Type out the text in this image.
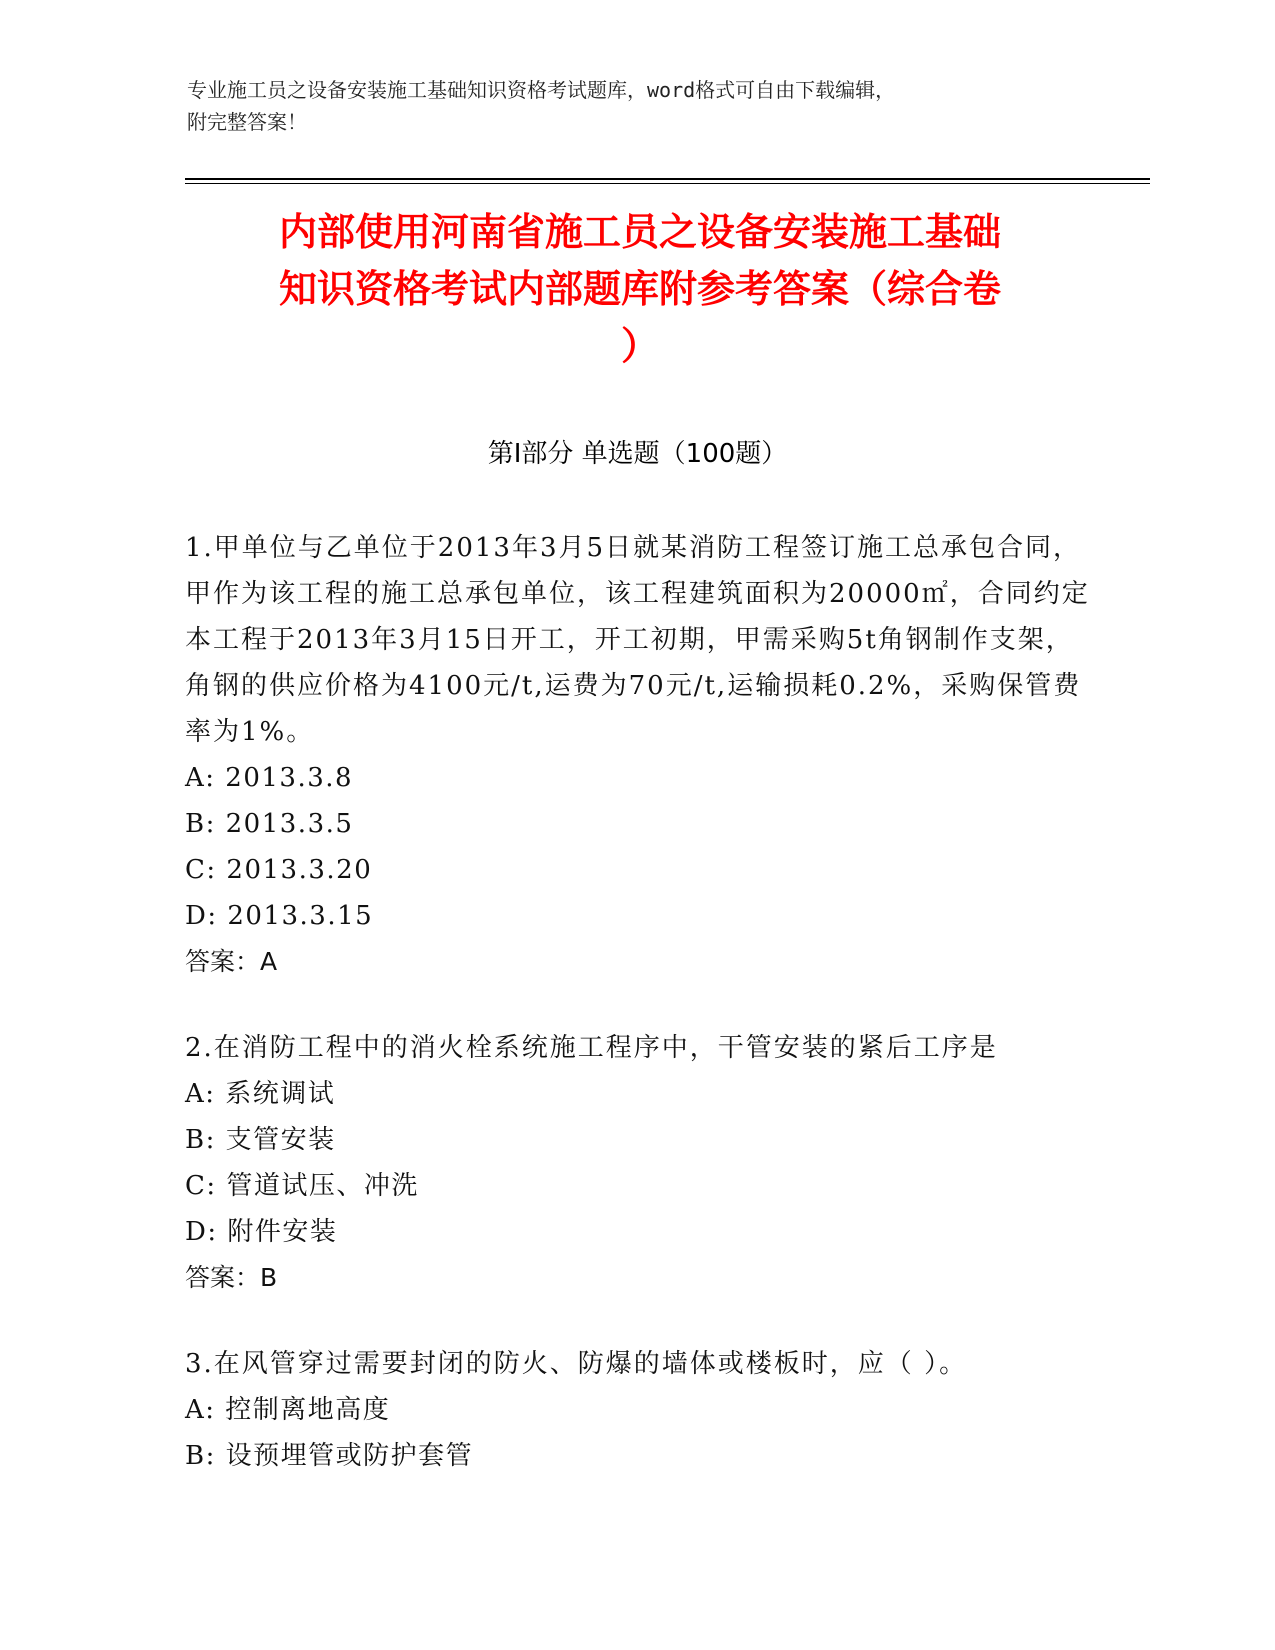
专业施工员之设备安装施工基础知识资格考试题库，word格式可自由下载编辑，

附完整答案！

内部使用河南省施工员之设备安装施工基础

知识资格考试内部题库附参考答案（综合卷

）

第Ⅰ部分 单选题（100题）

1.甲单位与乙单位于2013年3月5日就某消防工程签订施工总承包合同，甲作为该工程的施工总承包单位，该工程建筑面积为20000㎡，合同约定本工程于2013年3月15日开工，开工初期，甲需采购5t角钢制作支架，角钢的供应价格为4100元/t,运费为70元/t,运输损耗0.2%，采购保管费率为1%。

A: 2013.3.8

B: 2013.3.5

C: 2013.3.20

D: 2013.3.15

答案：A

2.在消防工程中的消火栓系统施工程序中，干管安装的紧后工序是

A: 系统调试

B: 支管安装

C: 管道试压、冲洗

D: 附件安装

答案：B

3.在风管穿过需要封闭的防火、防爆的墙体或楼板时，应（ ）。

A: 控制离地高度

B: 设预埋管或防护套管
